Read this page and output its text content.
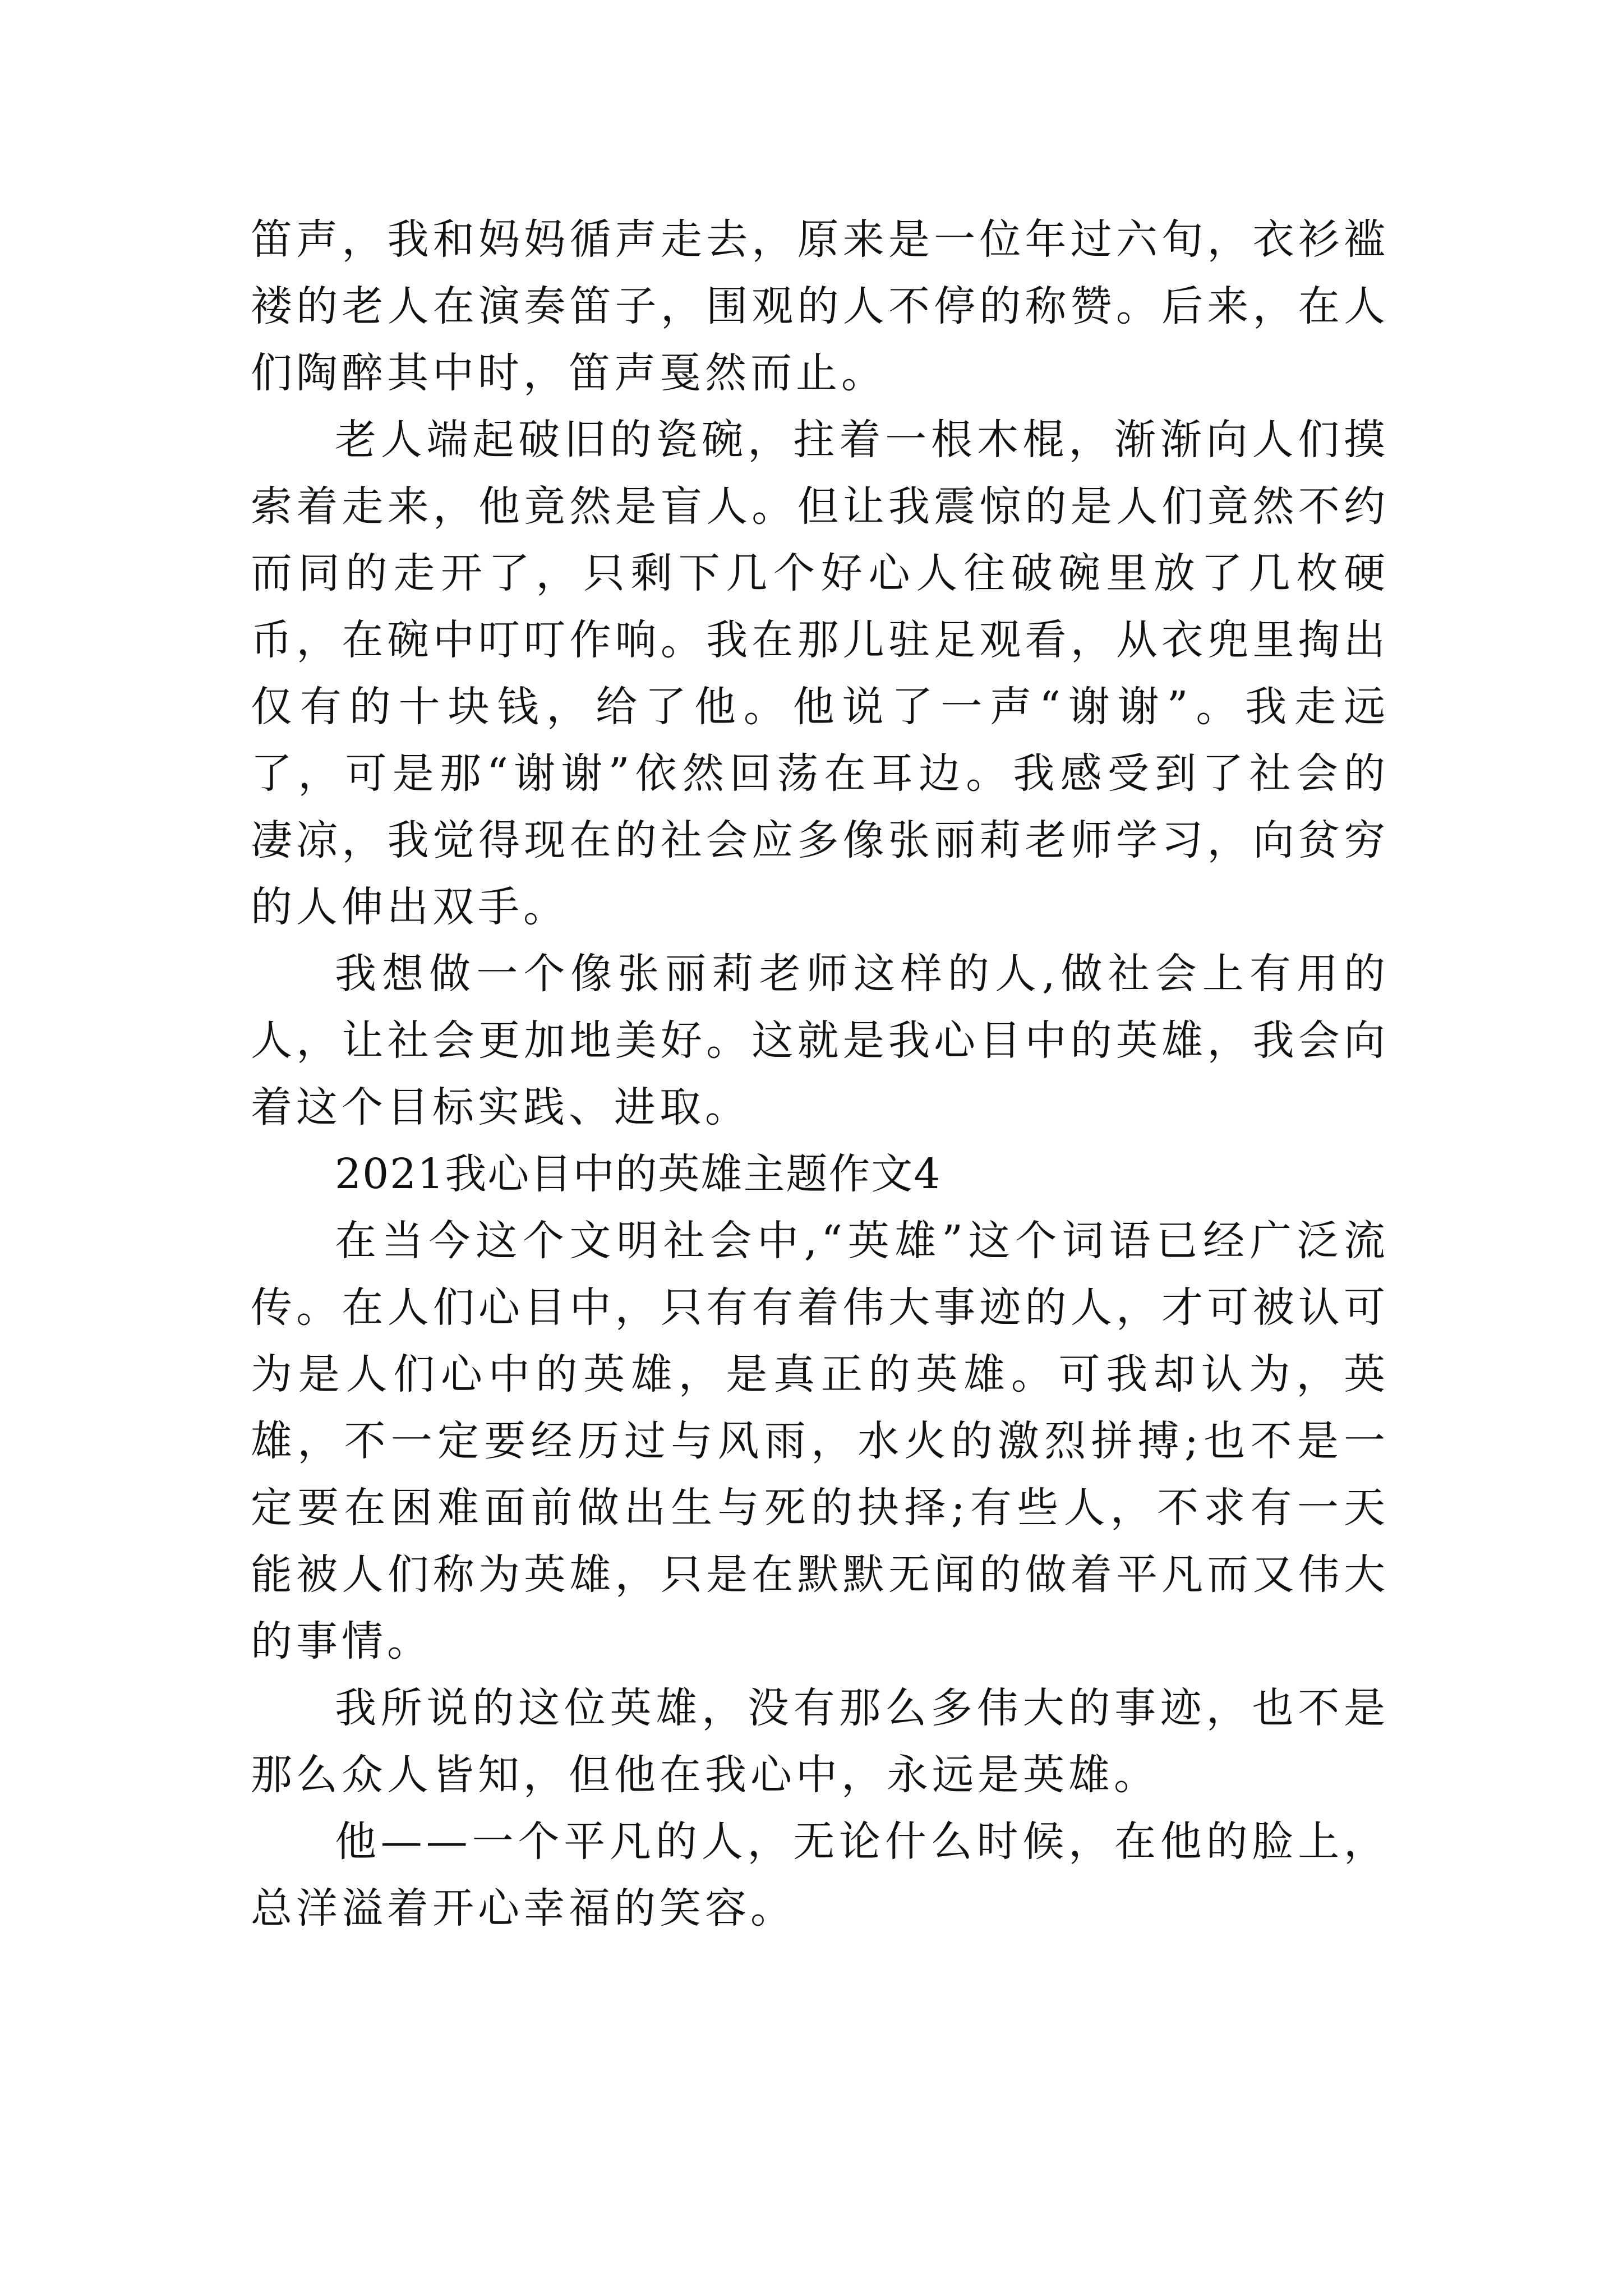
笛声，我和妈妈循声走去，原来是一位年过六旬，衣衫褴褛的老人在演奏笛子，围观的人不停的称赞。后来，在人们陶醉其中时，笛声戛然而止。

老人端起破旧的瓷碗，拄着一根木棍，渐渐向人们摸索着走来，他竟然是盲人。但让我震惊的是人们竟然不约而同的走开了，只剩下几个好心人往破碗里放了几枚硬币，在碗中叮叮作响。我在那儿驻足观看，从衣兜里掏出仅有的十块钱，给了他。他说了一声“谢谢”。我走远了，可是那“谢谢”依然回荡在耳边。我感受到了社会的凄凉，我觉得现在的社会应多像张丽莉老师学习，向贫穷的人伸出双手。

我想做一个像张丽莉老师这样的人,做社会上有用的人，让社会更加地美好。这就是我心目中的英雄，我会向着这个目标实践、进取。

2021我心目中的英雄主题作文4

在当今这个文明社会中,“英雄”这个词语已经广泛流传。在人们心目中，只有有着伟大事迹的人，才可被认可为是人们心中的英雄，是真正的英雄。可我却认为，英雄，不一定要经历过与风雨，水火的激烈拼搏;也不是一定要在困难面前做出生与死的抉择;有些人，不求有一天能被人们称为英雄，只是在默默无闻的做着平凡而又伟大的事情。

我所说的这位英雄，没有那么多伟大的事迹，也不是那么众人皆知，但他在我心中，永远是英雄。

他——一个平凡的人，无论什么时候，在他的脸上，总洋溢着开心幸福的笑容。
